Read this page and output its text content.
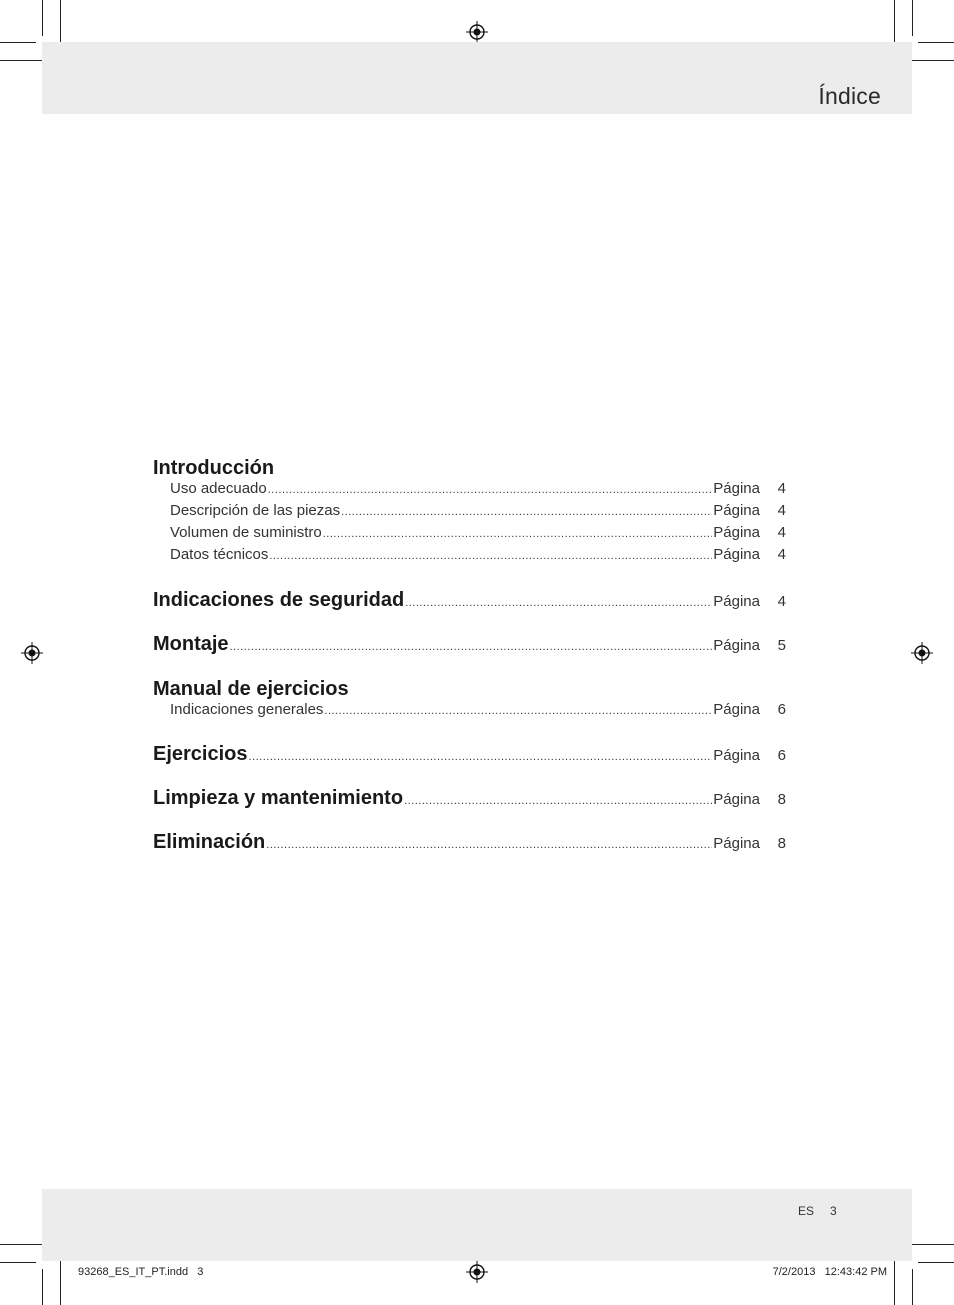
Índice
Introducción
Uso adecuado .....	Página	4
Descripción de las piezas .....	Página	4
Volumen de suministro .....	Página	4
Datos técnicos .....	Página	4
Indicaciones de seguridad .....	Página	4
Montaje .....	Página	5
Manual de ejercicios
Indicaciones generales .....	Página	6
Ejercicios .....	Página	6
Limpieza y mantenimiento .....	Página	8
Eliminación .....	Página	8
ES 3
93268_ES_IT_PT.indd   3	7/2/2013   12:43:42 PM
